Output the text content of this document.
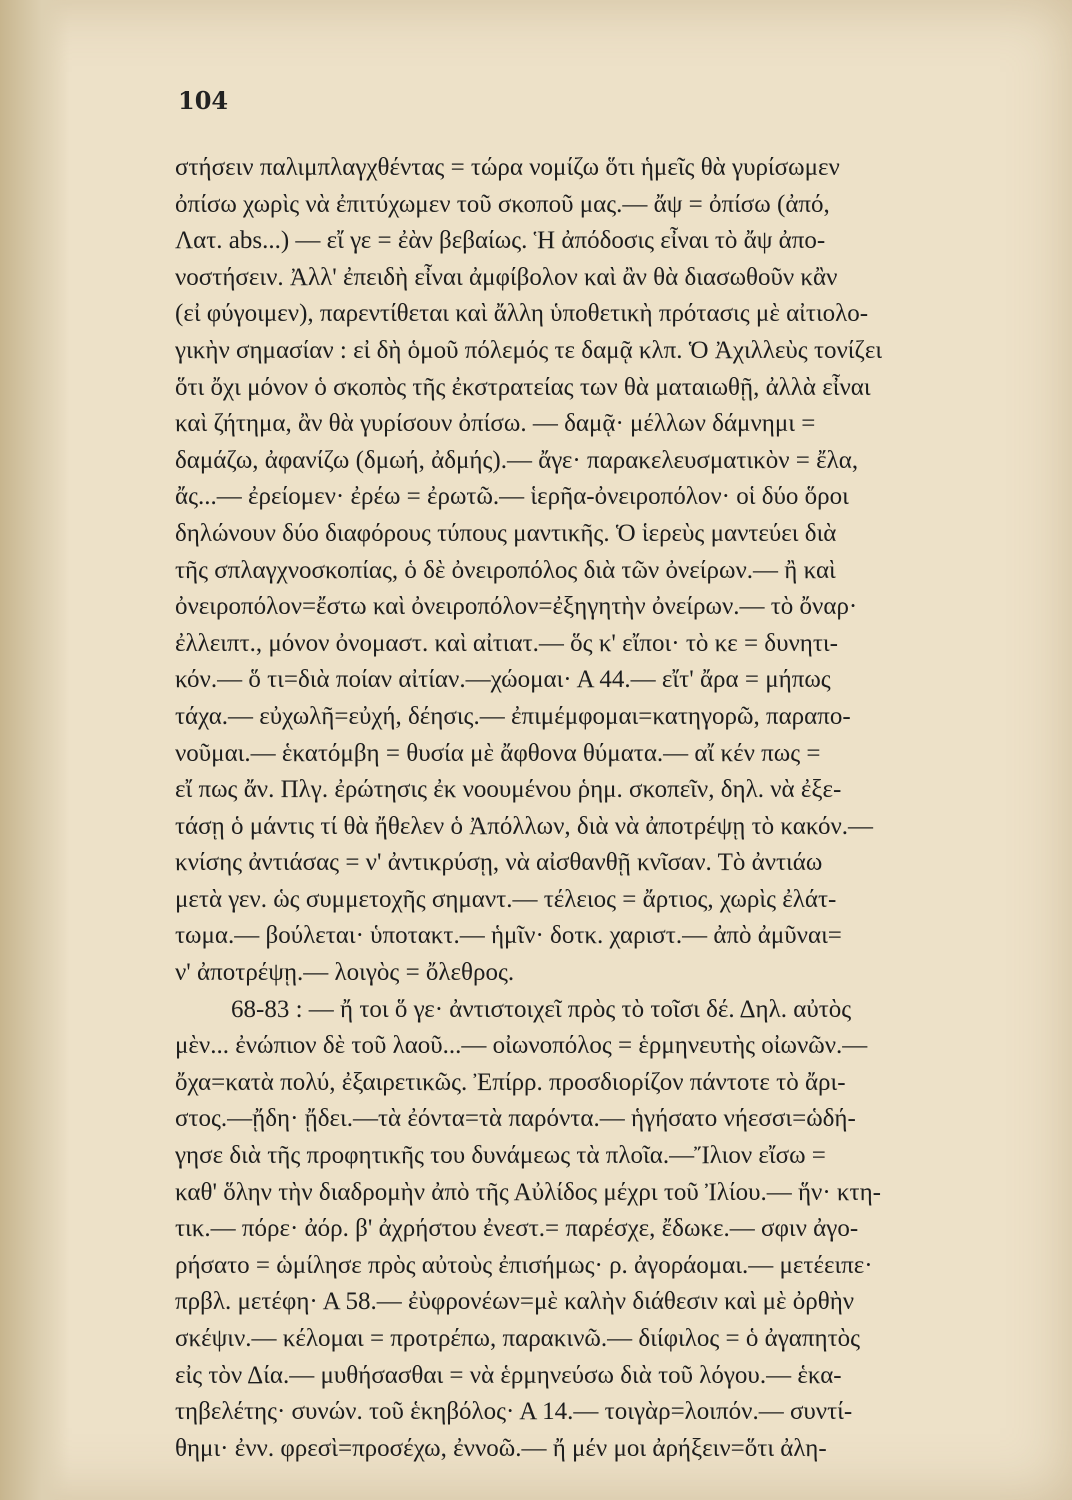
104
στήσειν παλιμπλαγχθέντας = τώρα νομίζω ὅτι ἡμεῖς θὰ γυρίσωμεν
ὀπίσω χωρὶς νὰ ἐπιτύχωμεν τοῦ σκοποῦ μας.— ἄψ = ὀπίσω (ἀπό,
Λατ. abs...) — εἴ γε = ἐὰν βεβαίως. Ἡ ἀπόδοσις εἶναι τὸ ἄψ ἀπο-
νοστήσειν. Ἀλλ' ἐπειδὴ εἶναι ἀμφίβολον καὶ ἂν θὰ διασωθοῦν κἂν
(εἰ φύγοιμεν), παρεντίθεται καὶ ἄλλη ὑποθετικὴ πρότασις μὲ αἰτιολο-
γικὴν σημασίαν : εἰ δὴ ὁμοῦ πόλεμός τε δαμᾷ κλπ. Ὁ Ἀχιλλεὺς τονίζει
ὅτι ὄχι μόνον ὁ σκοπὸς τῆς ἐκστρατείας των θὰ ματαιωθῇ, ἀλλὰ εἶναι
καὶ ζήτημα, ἂν θὰ γυρίσουν ὀπίσω. — δαμᾷ· μέλλων δάμνημι =
δαμάζω, ἀφανίζω (δμωή, ἀδμής).— ἄγε· παρακελευσματικὸν = ἔλα,
ἄς...— ἐρείομεν· ἐρέω = ἐρωτῶ.— ἱερῆα-ὀνειροπόλον· οἱ δύο ὅροι
δηλώνουν δύο διαφόρους τύπους μαντικῆς. Ὁ ἱερεὺς μαντεύει διὰ
τῆς σπλαγχνοσκοπίας, ὁ δὲ ὀνειροπόλος διὰ τῶν ὀνείρων.— ἢ καὶ
ὀνειροπόλον=ἔστω καὶ ὀνειροπόλον=ἐξηγητὴν ὀνείρων.— τὸ ὄναρ·
ἐλλειπτ., μόνον ὀνομαστ. καὶ αἰτιατ.— ὅς κ' εἴποι· τὸ κε = δυνητι-
κόν.— ὅ τι=διὰ ποίαν αἰτίαν.—χώομαι· Α 44.— εἴτ' ἄρα = μήπως
τάχα.— εὐχωλῆ=εὐχή, δέησις.— ἐπιμέμφομαι=κατηγορῶ, παραπο-
νοῦμαι.— ἑκατόμβη = θυσία μὲ ἄφθονα θύματα.— αἴ κέν πως =
εἴ πως ἄν. Πλγ. ἐρώτησις ἐκ νοουμένου ῥημ. σκοπεῖν, δηλ. νὰ ἐξε-
τάσῃ ὁ μάντις τί θὰ ἤθελεν ὁ Ἀπόλλων, διὰ νὰ ἀποτρέψῃ τὸ κακόν.—
κνίσης ἀντιάσας = ν' ἀντικρύσῃ, νὰ αἰσθανθῇ κνῖσαν. Τὸ ἀντιάω
μετὰ γεν. ὡς συμμετοχῆς σημαντ.— τέλειος = ἄρτιος, χωρὶς ἐλάτ-
τωμα.— βούλεται· ὑποτακτ.— ἡμῖν· δοτκ. χαριστ.— ἀπὸ ἀμῦναι=
ν' ἀποτρέψῃ.— λοιγὸς = ὄλεθρος.
68-83 : — ἤ τοι ὅ γε· ἀντιστοιχεῖ πρὸς τὸ τοῖσι δέ. Δηλ. αὐτὸς
μὲν... ἐνώπιον δὲ τοῦ λαοῦ...— οἰωνοπόλος = ἑρμηνευτὴς οἰωνῶν.—
ὄχα=κατὰ πολύ, ἐξαιρετικῶς. Ἐπίρρ. προσδιορίζον πάντοτε τὸ ἄρι-
στος.—ᾔδη· ᾔδει.—τὰ ἐόντα=τὰ παρόντα.— ἡγήσατο νήεσσι=ὡδή-
γησε διὰ τῆς προφητικῆς του δυνάμεως τὰ πλοῖα.—Ἴλιον εἴσω =
καθ' ὅλην τὴν διαδρομὴν ἀπὸ τῆς Αὐλίδος μέχρι τοῦ Ἰλίου.— ἥν· κτη-
τικ.— πόρε· ἀόρ. β' ἀχρήστου ἐνεστ.= παρέσχε, ἔδωκε.— σφιν ἀγο-
ρήσατο = ὡμίλησε πρὸς αὐτοὺς ἐπισήμως· ρ. ἀγοράομαι.— μετέειπε·
πρβλ. μετέφη· Α 58.— ἐὺφρονέων=μὲ καλὴν διάθεσιν καὶ μὲ ὀρθὴν
σκέψιν.— κέλομαι = προτρέπω, παρακινῶ.— διίφιλος = ὁ ἀγαπητὸς
εἰς τὸν Δία.— μυθήσασθαι = νὰ ἑρμηνεύσω διὰ τοῦ λόγου.— ἑκα-
τηβελέτης· συνών. τοῦ ἑκηβόλος· Α 14.— τοιγὰρ=λοιπόν.— συντί-
θημι· ἐνν. φρεσὶ=προσέχω, ἐννοῶ.— ἤ μέν μοι ἀρήξειν=ὅτι ἀλη-
